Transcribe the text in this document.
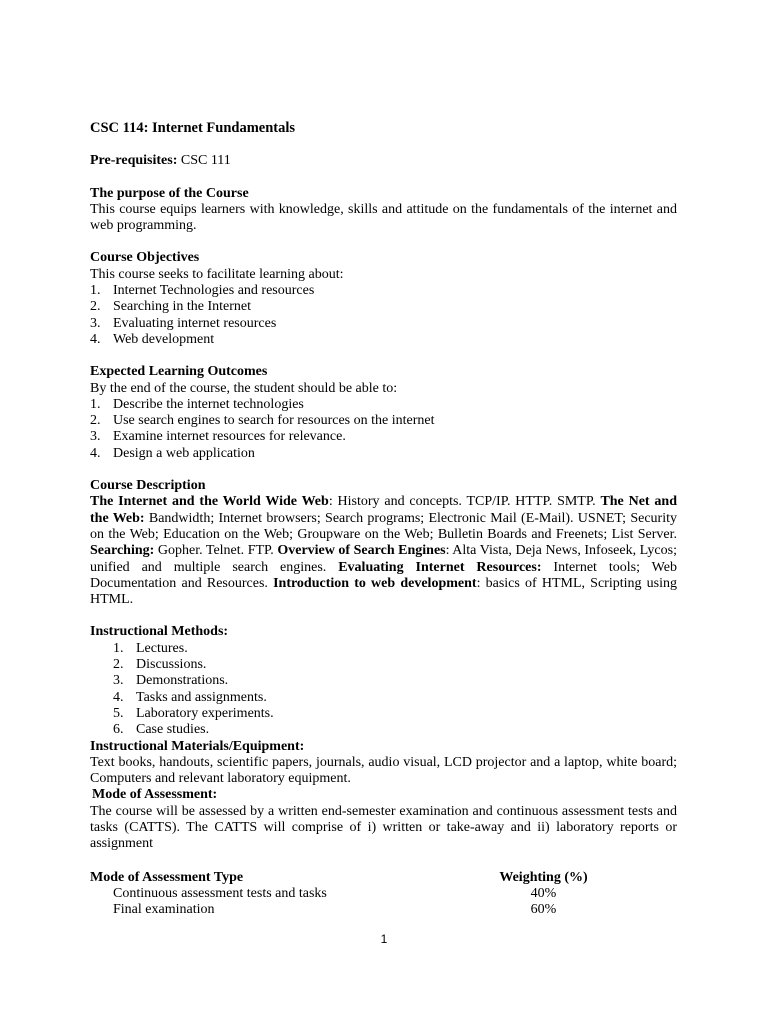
CSC 114: Internet Fundamentals

Pre-requisites: CSC 111

The purpose of the Course

This course equips learners with knowledge, skills and attitude on the fundamentals of the internet and web programming.

Course Objectives

This course seeks to facilitate learning about:

1. Internet Technologies and resources
2. Searching in the Internet
3. Evaluating internet resources
4. Web development

Expected Learning Outcomes

By the end of the course, the student should be able to:

1. Describe the internet technologies
2. Use search engines to search for resources on the internet
3. Examine internet resources for relevance.
4. Design a web application

Course Description

The Internet and the World Wide Web: History and concepts. TCP/IP. HTTP. SMTP. The Net and the Web: Bandwidth; Internet browsers; Search programs; Electronic Mail (E-Mail). USNET; Security on the Web; Education on the Web; Groupware on the Web; Bulletin Boards and Freenets; List Server. Searching: Gopher. Telnet. FTP. Overview of Search Engines: Alta Vista, Deja News, Infoseek, Lycos; unified and multiple search engines. Evaluating Internet Resources: Internet tools; Web Documentation and Resources. Introduction to web development: basics of HTML, Scripting using HTML.

Instructional Methods:

1. Lectures.
2. Discussions.
3. Demonstrations.
4. Tasks and assignments.
5. Laboratory experiments.
6. Case studies.

Instructional Materials/Equipment:

Text books, handouts, scientific papers, journals, audio visual, LCD projector and a laptop, white board; Computers and relevant laboratory equipment.

Mode of Assessment:

The course will be assessed by a written end-semester examination and continuous assessment tests and tasks (CATTS). The CATTS will comprise of i) written or take-away and ii) laboratory reports or assignment

Mode of Assessment Type	Weighting (%)
Continuous assessment tests and tasks	40%
Final examination	60%
1
